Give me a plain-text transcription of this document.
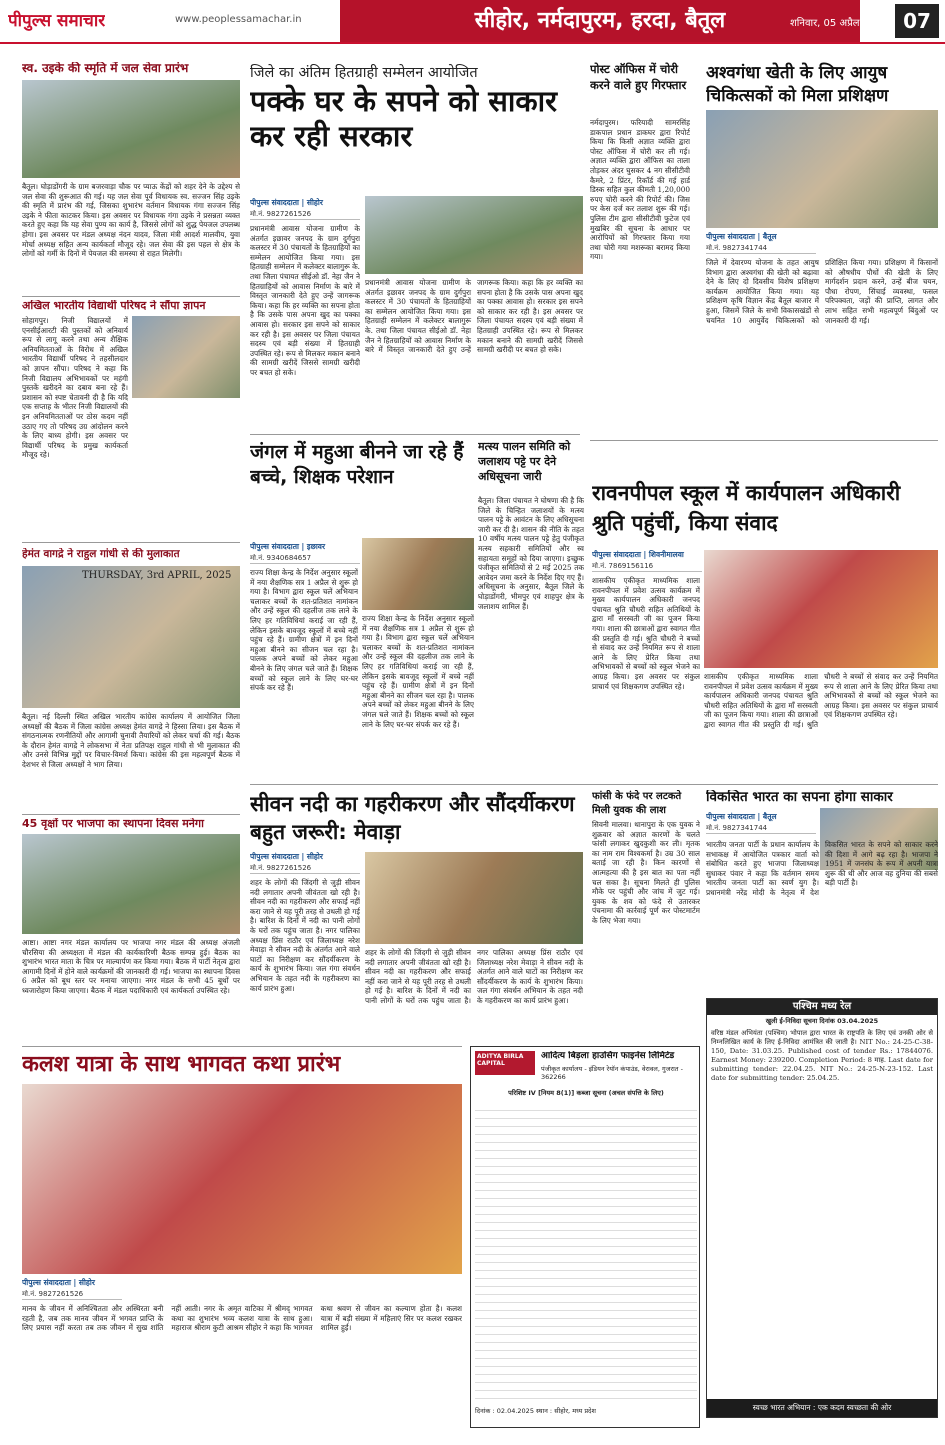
पीपुल्स समाचार	www.peoplessamachar.in	सीहोर, नर्मदापुरम, हरदा, बैतूल	शनिवार, 05 अप्रैल 2025 07
स्व. उइके की स्मृति में जल सेवा प्रारंभ
बैतूल। घोड़ाडोंगरी के ग्राम बजरवाड़ा चौक पर प्याऊ केंद्रों को शहर देने के उद्देश्य से जल सेवा की शुरूआत की गई। यह जल सेवा पूर्व विधायक स्व. सज्जन सिंह उइके की स्मृति में प्रारंभ की गई, जिसका शुभारंभ वर्तमान विधायक गंगा सज्जन सिंह उइके ने फीता काटकर किया। इस अवसर पर विधायक गंगा उइके ने प्रसन्नता व्यक्त करते हुए कहा कि यह सेवा पुण्य का कार्य है, जिससे लोगों को शुद्ध पेयजल उपलब्ध होगा। इस अवसर पर मंडल अध्यक्ष नंदन यादव, जिला मंत्री आदर्श मालवीय, युवा मोर्चा अध्यक्ष सहित अन्य कार्यकर्ता मौजूद रहे। जल सेवा की इस पहल से क्षेत्र के लोगों को गर्मी के दिनों में पेयजल की समस्या से राहत मिलेगी।
अखिल भारतीय विद्यार्थी परिषद ने सौंपा ज्ञापन
सोहागपुर। निजी विद्यालयों में एनसीईआरटी की पुस्तकों को अनिवार्य रूप से लागू करने तथा अन्य शैक्षिक अनियमितताओं के विरोध में अखिल भारतीय विद्यार्थी परिषद ने तहसीलदार को ज्ञापन सौंपा। परिषद ने कहा कि निजी विद्यालय अभिभावकों पर महंगी पुस्तकें खरीदने का दबाव बना रहे हैं। प्रशासन को स्पष्ट चेतावनी दी है कि यदि एक सप्ताह के भीतर निजी विद्यालयों की इन अनियमितताओं पर ठोस कदम नहीं उठाए गए तो परिषद उग्र आंदोलन करने के लिए बाध्य होगी। इस अवसर पर विद्यार्थी परिषद के प्रमुख कार्यकर्ता मौजूद रहे।
हेमंत वागद्रे ने राहुल गांधी से की मुलाकात
THURSDAY, 3rd APRIL, 2025
बैतूल। नई दिल्ली स्थित अखिल भारतीय कांग्रेस कार्यालय में आयोजित जिला अध्यक्षों की बैठक में जिला कांग्रेस अध्यक्ष हेमंत वागद्रे ने हिस्सा लिया। इस बैठक में संगठनात्मक रणनीतियों और आगामी चुनावी तैयारियों को लेकर चर्चा की गई। बैठक के दौरान हेमंत वागद्रे ने लोकसभा में नेता प्रतिपक्ष राहुल गांधी से भी मुलाकात की और उनसे विभिन्न मुद्दों पर विचार-विमर्श किया। कांग्रेस की इस महत्वपूर्ण बैठक में देशभर से जिला अध्यक्षों ने भाग लिया।
45 वृक्षों पर भाजपा का स्थापना दिवस मनेगा
आष्टा। आष्टा नगर मंडल कार्यालय पर भाजपा नगर मंडल की अध्यक्ष अंजली चौरसिया की अध्यक्षता में मंडल की कार्यकारिणी बैठक सम्पन्न हुई। बैठक का शुभारंभ भारत माता के चित्र पर माल्यार्पण कर किया गया। बैठक में पार्टी नेतृत्व द्वारा आगामी दिनों में होने वाले कार्यक्रमों की जानकारी दी गई। भाजपा का स्थापना दिवस 6 अप्रैल को बूथ स्तर पर मनाया जाएगा। नगर मंडल के सभी 45 बूथों पर ध्वजारोहण किया जाएगा। बैठक में मंडल पदाधिकारी एवं कार्यकर्ता उपस्थित रहे।
कलश यात्रा के साथ भागवत कथा प्रारंभ
पीपुल्स संवाददाता | सीहोर
मो.नं. 9827261526
मानव के जीवन में अनिश्चितता और अस्थिरता बनी रहती है, जब तक मानव जीवन में भगवत प्राप्ति के लिए प्रयास नहीं करता तब तक जीवन में सुख शांति नहीं आती। नगर के अमृत वाटिका में श्रीमद् भागवत कथा का शुभारंभ भव्य कलश यात्रा के साथ हुआ। महाराज श्रीराम कुटी आश्रम सीहोर ने कहा कि भागवत कथा श्रवण से जीवन का कल्याण होता है। कलश यात्रा में बड़ी संख्या में महिलाएं सिर पर कलश रखकर शामिल हुईं।
जिले का अंतिम हितग्राही सम्मेलन आयोजित
पक्के घर के सपने को साकार कर रही सरकार
पीपुल्स संवाददाता | सीहोर
मो.नं. 9827261526
प्रधानमंत्री आवास योजना ग्रामीण के अंतर्गत इछावर जनपद के ग्राम दुर्गपुरा कलस्टर में 30 पंचायतों के हितग्राहियों का सम्मेलन आयोजित किया गया। इस हितग्राही सम्मेलन में कलेक्टर बालागुरू के. तथा जिला पंचायत सीईओ डॉ. नेहा जैन ने हितग्राहियों को आवास निर्माण के बारे में विस्तृत जानकारी देते हुए उन्हें जागरूक किया। कहा कि हर व्यक्ति का सपना होता है कि उसके पास अपना खुद का पक्का आवास हो। सरकार इस सपने को साकार कर रही है। इस अवसर पर जिला पंचायत सदस्य एवं बड़ी संख्या में हितग्राही उपस्थित रहे। रूप से मिलकर मकान बनाने की सामग्री खरीदें जिससे सामग्री खरीदी पर बचत हो सके।
प्रधानमंत्री आवास योजना ग्रामीण के अंतर्गत इछावर जनपद के ग्राम दुर्गपुरा कलस्टर में 30 पंचायतों के हितग्राहियों का सम्मेलन आयोजित किया गया। इस हितग्राही सम्मेलन में कलेक्टर बालागुरू के. तथा जिला पंचायत सीईओ डॉ. नेहा जैन ने हितग्राहियों को आवास निर्माण के बारे में विस्तृत जानकारी देते हुए उन्हें जागरूक किया। कहा कि हर व्यक्ति का सपना होता है कि उसके पास अपना खुद का पक्का आवास हो। सरकार इस सपने को साकार कर रही है। इस अवसर पर जिला पंचायत सदस्य एवं बड़ी संख्या में हितग्राही उपस्थित रहे। रूप से मिलकर मकान बनाने की सामग्री खरीदें जिससे सामग्री खरीदी पर बचत हो सके।
जंगल में महुआ बीनने जा रहे हैं बच्चे, शिक्षक परेशान
पीपुल्स संवाददाता | इछावर
मो.नं. 9340684657
राज्य शिक्षा केन्द्र के निर्देश अनुसार स्कूलों में नया शैक्षणिक सत्र 1 अप्रैल से शुरू हो गया है। विभाग द्वारा स्कूल चलें अभियान चलाकर बच्चों के शत-प्रतिशत नामांकन और उन्हें स्कूल की दहलीज तक लाने के लिए हर गतिविधियां कराई जा रही हैं, लेकिन इसके बावजूद स्कूलों में बच्चे नहीं पहुंच रहे हैं। ग्रामीण क्षेत्रों में इन दिनों महुआ बीनने का सीजन चल रहा है। पालक अपने बच्चों को लेकर महुआ बीनने के लिए जंगल चले जाते हैं। शिक्षक बच्चों को स्कूल लाने के लिए घर-घर संपर्क कर रहे हैं।
राज्य शिक्षा केन्द्र के निर्देश अनुसार स्कूलों में नया शैक्षणिक सत्र 1 अप्रैल से शुरू हो गया है। विभाग द्वारा स्कूल चलें अभियान चलाकर बच्चों के शत-प्रतिशत नामांकन और उन्हें स्कूल की दहलीज तक लाने के लिए हर गतिविधियां कराई जा रही हैं, लेकिन इसके बावजूद स्कूलों में बच्चे नहीं पहुंच रहे हैं। ग्रामीण क्षेत्रों में इन दिनों महुआ बीनने का सीजन चल रहा है। पालक अपने बच्चों को लेकर महुआ बीनने के लिए जंगल चले जाते हैं। शिक्षक बच्चों को स्कूल लाने के लिए घर-घर संपर्क कर रहे हैं।
मत्स्य पालन समिति को जलाशय पट्टे पर देने अधिसूचना जारी
बैतूल। जिला पंचायत ने घोषणा की है कि जिले के चिन्हित जलाशयों के मत्स्य पालन पट्टे के आवंटन के लिए अधिसूचना जारी कर दी है। शासन की नीति के तहत 10 वर्षीय मत्स्य पालन पट्टे हेतु पंजीकृत मत्स्य सहकारी समितियों और स्व सहायता समूहों को दिया जाएगा। इच्छुक पंजीकृत समितियों से 2 मई 2025 तक आवेदन जमा करने के निर्देश दिए गए हैं। अधिसूचना के अनुसार, बैतूल जिले के घोड़ाडोंगरी, भीमपुर एवं शाहपुर क्षेत्र के जलाशय शामिल हैं।
पोस्ट ऑफिस में चोरी करने वाले हुए गिरफ्तार
नर्मदापुरम। फरियादी सामरसिंह डाकपाल प्रधान डाकघर द्वारा रिपोर्ट किया कि किसी अज्ञात व्यक्ति द्वारा पोस्ट ऑफिस में चोरी कर ली गई। अज्ञात व्यक्ति द्वारा ऑफिस का ताला तोड़कर अंदर घुसकर 4 नग सीसीटीवी कैमरे, 2 प्रिंटर, रिकॉर्ड की गई हार्ड डिस्क सहित कुल कीमती 1,20,000 रुपए चोरी करने की रिपोर्ट की। जिस पर केस दर्ज कर तलाश शुरू की गई। पुलिस टीम द्वारा सीसीटीवी फुटेज एवं मुखबिर की सूचना के आधार पर आरोपियों को गिरफ्तार किया गया तथा चोरी गया मशरूका बरामद किया गया।
अश्वगंधा खेती के लिए आयुष चिकित्सकों को मिला प्रशिक्षण
पीपुल्स संवाददाता | बैतूल
मो.नं. 9827341744
जिले में देवारण्य योजना के तहत आयुष विभाग द्वारा अश्वगंधा की खेती को बढ़ावा देने के लिए दो दिवसीय विशेष प्रशिक्षण कार्यक्रम आयोजित किया गया। यह प्रशिक्षण कृषि विज्ञान केंद्र बैतूल बाजार में हुआ, जिसमें जिले के सभी विकासखंडों से चयनित 10 आयुर्वेद चिकित्सकों को प्रशिक्षित किया गया। प्रशिक्षण में किसानों को औषधीय पौधों की खेती के लिए मार्गदर्शन प्रदान करने, उन्हें बीज चयन, पौधा रोपण, सिंचाई व्यवस्था, फसल परिपक्वता, जड़ों की प्राप्ति, लागत और लाभ सहित सभी महत्वपूर्ण बिंदुओं पर जानकारी दी गई।
रावनपीपल स्कूल में कार्यपालन अधिकारी श्रुति पहुंचीं, किया संवाद
पीपुल्स संवाददाता | शिवनीमालवा
मो.नं. 7869156116
शासकीय एकीकृत माध्यमिक शाला रावनपीपल में प्रवेश उत्सव कार्यक्रम में मुख्य कार्यपालन अधिकारी जनपद पंचायत श्रुति चौधरी सहित अतिथियों के द्वारा माँ सरस्वती जी का पूजन किया गया। शाला की छात्राओं द्वारा स्वागत गीत की प्रस्तुति दी गई। श्रुति चौधरी ने बच्चों से संवाद कर उन्हें नियमित रूप से शाला आने के लिए प्रेरित किया तथा अभिभावकों से बच्चों को स्कूल भेजने का आग्रह किया। इस अवसर पर संकुल प्राचार्य एवं शिक्षकगण उपस्थित रहे।
शासकीय एकीकृत माध्यमिक शाला रावनपीपल में प्रवेश उत्सव कार्यक्रम में मुख्य कार्यपालन अधिकारी जनपद पंचायत श्रुति चौधरी सहित अतिथियों के द्वारा माँ सरस्वती जी का पूजन किया गया। शाला की छात्राओं द्वारा स्वागत गीत की प्रस्तुति दी गई। श्रुति चौधरी ने बच्चों से संवाद कर उन्हें नियमित रूप से शाला आने के लिए प्रेरित किया तथा अभिभावकों से बच्चों को स्कूल भेजने का आग्रह किया। इस अवसर पर संकुल प्राचार्य एवं शिक्षकगण उपस्थित रहे।
सीवन नदी का गहरीकरण और सौंदर्यीकरण बहुत जरूरी: मेवाड़ा
पीपुल्स संवाददाता | सीहोर
मो.नं. 9827261526
शहर के लोगों की जिंदगी से जुड़ी सीवन नदी लगातार अपनी जीवंतता खो रही है। सीवन नदी का गहरीकरण और सफाई नहीं करा जाने से यह पूरी तरह से उथली हो गई है। बारिश के दिनों में नदी का पानी लोगों के घरों तक पहुंच जाता है। नगर पालिका अध्यक्ष प्रिंस राठौर एवं जिलाध्यक्ष नरेश मेवाड़ा ने सीवन नदी के अंतर्गत आने वाले घाटों का निरीक्षण कर सौंदर्यीकरण के कार्य के शुभारंभ किया। जल गंगा संवर्धन अभियान के तहत नदी के गहरीकरण का कार्य प्रारंभ हुआ।
शहर के लोगों की जिंदगी से जुड़ी सीवन नदी लगातार अपनी जीवंतता खो रही है। सीवन नदी का गहरीकरण और सफाई नहीं करा जाने से यह पूरी तरह से उथली हो गई है। बारिश के दिनों में नदी का पानी लोगों के घरों तक पहुंच जाता है। नगर पालिका अध्यक्ष प्रिंस राठौर एवं जिलाध्यक्ष नरेश मेवाड़ा ने सीवन नदी के अंतर्गत आने वाले घाटों का निरीक्षण कर सौंदर्यीकरण के कार्य के शुभारंभ किया। जल गंगा संवर्धन अभियान के तहत नदी के गहरीकरण का कार्य प्रारंभ हुआ।
फांसी के फंदे पर लटकते मिली युवक की लाश
सिवनी मालवा। थानापुरा के एक युवक ने शुक्रवार को अज्ञात कारणों के चलते फांसी लगाकर खुदकुशी कर ली। मृतक का नाम राम विश्वकर्मा है। उम्र 30 साल बताई जा रही है। किन कारणों से आत्महत्या की है इस बात का पता नहीं चल सका है। सूचना मिलते ही पुलिस मौके पर पहुंची और जांच में जुट गई। युवक के शव को फंदे से उतारकर पंचनामा की कार्रवाई पूर्ण कर पोस्टमार्टम के लिए भेजा गया।
विकसित भारत का सपना होगा साकार
पीपुल्स संवाददाता | बैतूल
मो.नं. 9827341744
भारतीय जनता पार्टी के प्रधान कार्यालय के सभाकक्ष में आयोजित पत्रकार वार्ता को संबोधित करते हुए भाजपा जिलाध्यक्ष सुधाकर पंवार ने कहा कि वर्तमान समय भारतीय जनता पार्टी का स्वर्ण युग है। प्रधानमंत्री नरेंद्र मोदी के नेतृत्व में देश विकसित भारत के सपने को साकार करने की दिशा में आगे बढ़ रहा है। भाजपा ने 1951 में जनसंघ के रूप में अपनी यात्रा शुरू की थी और आज वह दुनिया की सबसे बड़ी पार्टी है।
ADITYA BIRLA CAPITAL
आदित्य बिड़ला हाउसिंग फाइनेंस लिमिटेड
पंजीकृत कार्यालय - इंडियन रेयॉन कंपाउंड, वेरावल, गुजरात - 362266
परिशिष्ट IV [नियम 8(1)] कब्जा सूचना (अचल संपत्ति के लिए)
दिनांक : 02.04.2025 स्थान : सीहोर, मध्य प्रदेश
पश्चिम मध्य रेल
खुली ई-निविदा सूचना दिनांक 03.04.2025
वरिष्ठ मंडल अभियंता (पश्चिम) भोपाल द्वारा भारत के राष्ट्रपति के लिए एवं उनकी ओर से निम्नलिखित कार्य के लिए ई-निविदा आमंत्रित की जाती है। NIT No.: 24-25-C-38-150, Date: 31.03.25. Published cost of tender Rs.: 17844076. Earnest Money: 239200. Completion Period: 8 माह. Last date for submitting tender: 22.04.25. NIT No.: 24-25-N-23-152. Last date for submitting tender: 25.04.25.
स्वच्छ भारत अभियान : एक कदम स्वच्छता की ओर
